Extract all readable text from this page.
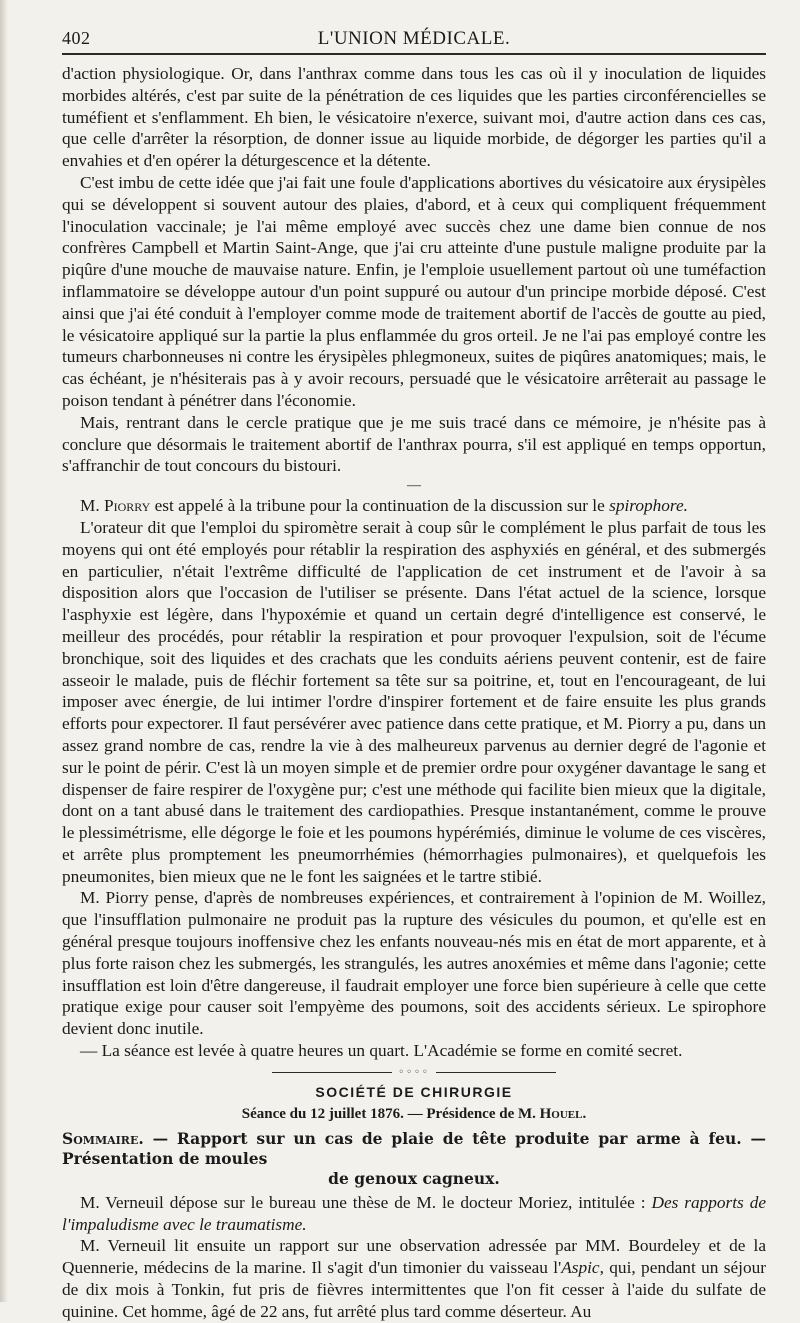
402	L'UNION MÉDICALE.

d'action physiologique. Or, dans l'anthrax comme dans tous les cas où il y inoculation de liquides morbides altérés, c'est par suite de la pénétration de ces liquides que les parties circonférencielles se tuméfient et s'enflamment. Eh bien, le vésicatoire n'exerce, suivant moi, d'autre action dans ces cas, que celle d'arrêter la résorption, de donner issue au liquide morbide, de dégorger les parties qu'il a envahies et d'en opérer la déturgescence et la détente.

C'est imbu de cette idée que j'ai fait une foule d'applications abortives du vésicatoire aux érysipèles qui se développent si souvent autour des plaies, d'abord, et à ceux qui compliquent fréquemment l'inoculation vaccinale; je l'ai même employé avec succès chez une dame bien connue de nos confrères Campbell et Martin Saint-Ange, que j'ai cru atteinte d'une pustule maligne produite par la piqûre d'une mouche de mauvaise nature. Enfin, je l'emploie usuellement partout où une tuméfaction inflammatoire se développe autour d'un point suppuré ou autour d'un principe morbide déposé. C'est ainsi que j'ai été conduit à l'employer comme mode de traitement abortif de l'accès de goutte au pied, le vésicatoire appliqué sur la partie la plus enflammée du gros orteil. Je ne l'ai pas employé contre les tumeurs charbonneuses ni contre les érysipèles phlegmoneux, suites de piqûres anatomiques; mais, le cas échéant, je n'hésiterais pas à y avoir recours, persuadé que le vésicatoire arrêterait au passage le poison tendant à pénétrer dans l'économie.

Mais, rentrant dans le cercle pratique que je me suis tracé dans ce mémoire, je n'hésite pas à conclure que désormais le traitement abortif de l'anthrax pourra, s'il est appliqué en temps opportun, s'affranchir de tout concours du bistouri.

—

M. Piorry est appelé à la tribune pour la continuation de la discussion sur le spirophore.

L'orateur dit que l'emploi du spiromètre serait à coup sûr le complément le plus parfait de tous les moyens qui ont été employés pour rétablir la respiration des asphyxiés en général, et des submergés en particulier, n'était l'extrême difficulté de l'application de cet instrument et de l'avoir à sa disposition alors que l'occasion de l'utiliser se présente. Dans l'état actuel de la science, lorsque l'asphyxie est légère, dans l'hypoxémie et quand un certain degré d'intelligence est conservé, le meilleur des procédés, pour rétablir la respiration et pour provoquer l'expulsion, soit de l'écume bronchique, soit des liquides et des crachats que les conduits aériens peuvent contenir, est de faire asseoir le malade, puis de fléchir fortement sa tête sur sa poitrine, et, tout en l'encourageant, de lui imposer avec énergie, de lui intimer l'ordre d'inspirer fortement et de faire ensuite les plus grands efforts pour expectorer. Il faut persévérer avec patience dans cette pratique, et M. Piorry a pu, dans un assez grand nombre de cas, rendre la vie à des malheureux parvenus au dernier degré de l'agonie et sur le point de périr. C'est là un moyen simple et de premier ordre pour oxygéner davantage le sang et dispenser de faire respirer de l'oxygène pur; c'est une méthode qui facilite bien mieux que la digitale, dont on a tant abusé dans le traitement des cardiopathies. Presque instantanément, comme le prouve le plessimétrisme, elle dégorge le foie et les poumons hypérémiés, diminue le volume de ces viscères, et arrête plus promptement les pneumorrhémies (hémorrhagies pulmonaires), et quelquefois les pneumonites, bien mieux que ne le font les saignées et le tartre stibié.

M. Piorry pense, d'après de nombreuses expériences, et contrairement à l'opinion de M. Woillez, que l'insufflation pulmonaire ne produit pas la rupture des vésicules du poumon, et qu'elle est en général presque toujours inoffensive chez les enfants nouveau-nés mis en état de mort apparente, et à plus forte raison chez les submergés, les strangulés, les autres anoxémies et même dans l'agonie; cette insufflation est loin d'être dangereuse, il faudrait employer une force bien supérieure à celle que cette pratique exige pour causer soit l'empyème des poumons, soit des accidents sérieux. Le spirophore devient donc inutile.

— La séance est levée à quatre heures un quart. L'Académie se forme en comité secret.

◦◦◦◦
SOCIÉTÉ DE CHIRURGIE
Séance du 12 juillet 1876. — Présidence de M. Houel.
Sommaire. — Rapport sur un cas de plaie de tête produite par arme à feu. — Présentation de moules
de genoux cagneux.

M. Verneuil dépose sur le bureau une thèse de M. le docteur Moriez, intitulée : Des rapports de l'impaludisme avec le traumatisme.

M. Verneuil lit ensuite un rapport sur une observation adressée par MM. Bourdeley et de la Quennerie, médecins de la marine. Il s'agit d'un timonier du vaisseau l'Aspic, qui, pendant un séjour de dix mois à Tonkin, fut pris de fièvres intermittentes que l'on fit cesser à l'aide du sulfate de quinine. Cet homme, âgé de 22 ans, fut arrêté plus tard comme déserteur. Au
